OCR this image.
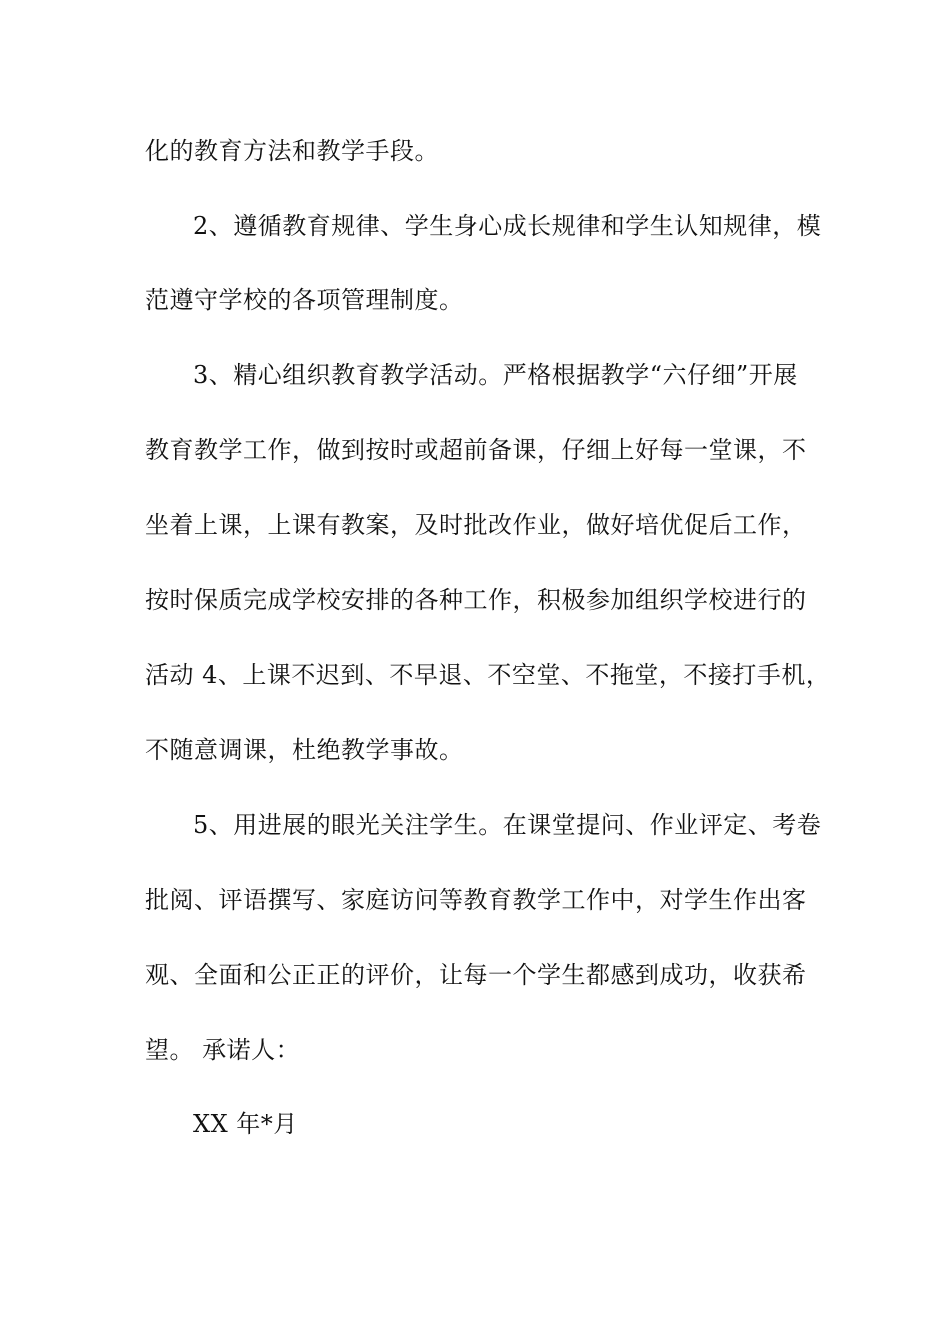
化的教育方法和教学手段。

2、遵循教育规律、学生身心成长规律和学生认知规律，模

范遵守学校的各项管理制度。

3、精心组织教育教学活动。严格根据教学“六仔细”开展

教育教学工作，做到按时或超前备课，仔细上好每一堂课，不

坐着上课，上课有教案，及时批改作业，做好培优促后工作，

按时保质完成学校安排的各种工作，积极参加组织学校进行的

活动 4、上课不迟到、不早退、不空堂、不拖堂，不接打手机，

不随意调课，杜绝教学事故。

5、用进展的眼光关注学生。在课堂提问、作业评定、考卷

批阅、评语撰写、家庭访问等教育教学工作中，对学生作出客

观、全面和公正正的评价，让每一个学生都感到成功，收获希

望。 承诺人：

XX 年*月
